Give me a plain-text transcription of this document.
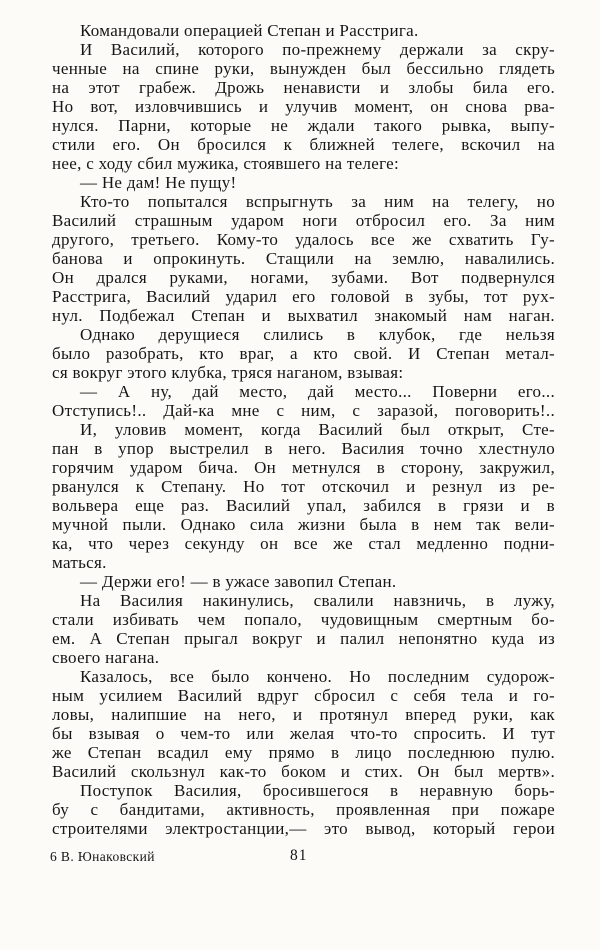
Командовали операцией Степан и Расстрига.
И Василий, которого по-прежнему держали за скру-
ченные на спине руки, вынужден был бессильно глядеть
на этот грабеж. Дрожь ненависти и злобы била его.
Но вот, изловчившись и улучив момент, он снова рва-
нулся. Парни, которые не ждали такого рывка, выпу-
стили его. Он бросился к ближней телеге, вскочил на
нее, с ходу сбил мужика, стоявшего на телеге:
— Не дам! Не пущу!
Кто-то попытался вспрыгнуть за ним на телегу, но
Василий страшным ударом ноги отбросил его. За ним
другого, третьего. Кому-то удалось все же схватить Гу-
банова и опрокинуть. Стащили на землю, навалились.
Он дрался руками, ногами, зубами. Вот подвернулся
Расстрига, Василий ударил его головой в зубы, тот рух-
нул. Подбежал Степан и выхватил знакомый нам наган.
Однако дерущиеся слились в клубок, где нельзя
было разобрать, кто враг, а кто свой. И Степан метал-
ся вокруг этого клубка, тряся наганом, взывая:
— А ну, дай место, дай место... Поверни его...
Отступись!.. Дай-ка мне с ним, с заразой, поговорить!..
И, уловив момент, когда Василий был открыт, Сте-
пан в упор выстрелил в него. Василия точно хлестнуло
горячим ударом бича. Он метнулся в сторону, закружил,
рванулся к Степану. Но тот отскочил и резнул из ре-
вольвера еще раз. Василий упал, забился в грязи и в
мучной пыли. Однако сила жизни была в нем так вели-
ка, что через секунду он все же стал медленно подни-
маться.
— Держи его! — в ужасе завопил Степан.
На Василия накинулись, свалили навзничь, в лужу,
стали избивать чем попало, чудовищным смертным бо-
ем. А Степан прыгал вокруг и палил непонятно куда из
своего нагана.
Казалось, все было кончено. Но последним судорож-
ным усилием Василий вдруг сбросил с себя тела и го-
ловы, налипшие на него, и протянул вперед руки, как
бы взывая о чем-то или желая что-то спросить. И тут
же Степан всадил ему прямо в лицо последнюю пулю.
Василий скользнул как-то боком и стих. Он был мертв».
Поступок Василия, бросившегося в неравную борь-
бу с бандитами, активность, проявленная при пожаре
строителями электростанции,— это вывод, который герои
6 В. Юнаковский	81
